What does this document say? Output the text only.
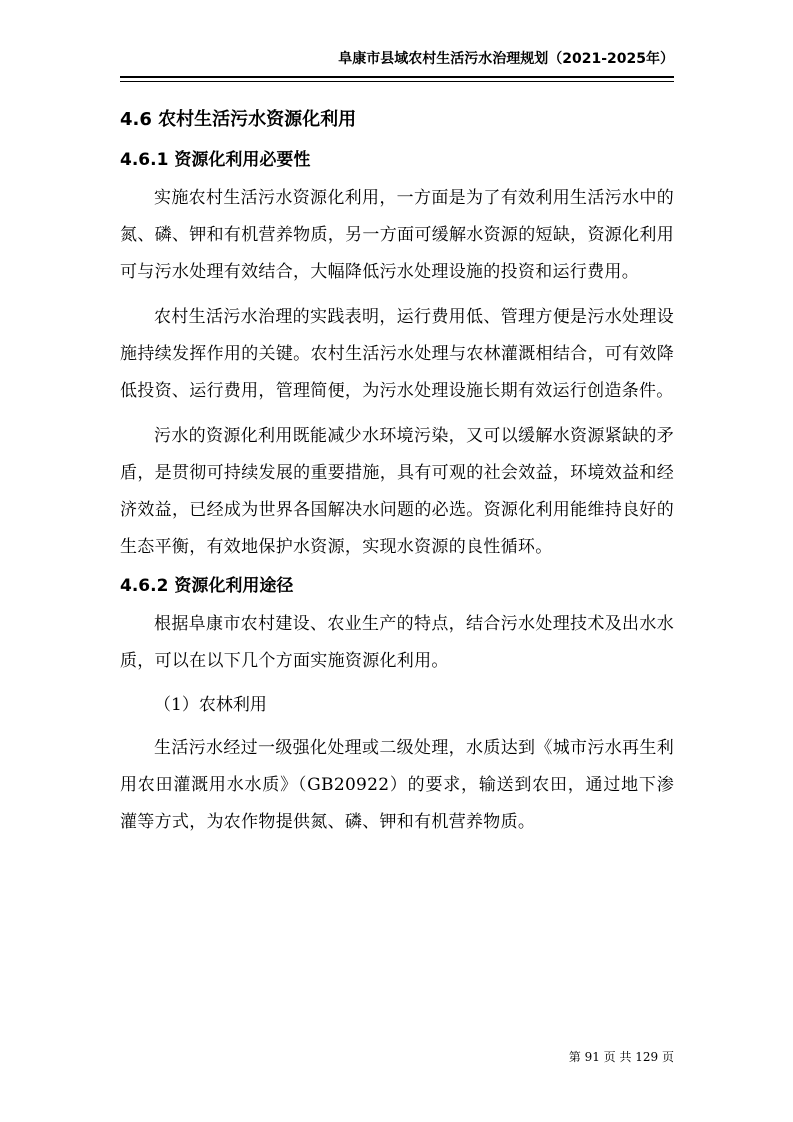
阜康市县域农村生活污水治理规划（2021-2025年）
4.6 农村生活污水资源化利用
4.6.1 资源化利用必要性

实施农村生活污水资源化利用，一方面是为了有效利用生活污水中的氮、磷、钾和有机营养物质，另一方面可缓解水资源的短缺，资源化利用可与污水处理有效结合，大幅降低污水处理设施的投资和运行费用。

农村生活污水治理的实践表明，运行费用低、管理方便是污水处理设施持续发挥作用的关键。农村生活污水处理与农林灌溉相结合，可有效降低投资、运行费用，管理简便，为污水处理设施长期有效运行创造条件。

污水的资源化利用既能减少水环境污染，又可以缓解水资源紧缺的矛盾，是贯彻可持续发展的重要措施，具有可观的社会效益，环境效益和经济效益，已经成为世界各国解决水问题的必选。资源化利用能维持良好的生态平衡，有效地保护水资源，实现水资源的良性循环。

4.6.2 资源化利用途径

根据阜康市农村建设、农业生产的特点，结合污水处理技术及出水水质，可以在以下几个方面实施资源化利用。

（1）农林利用

生活污水经过一级强化处理或二级处理，水质达到《城市污水再生利用农田灌溉用水水质》（GB20922）的要求，输送到农田，通过地下渗灌等方式，为农作物提供氮、磷、钾和有机营养物质。

第 91 页 共 129 页
